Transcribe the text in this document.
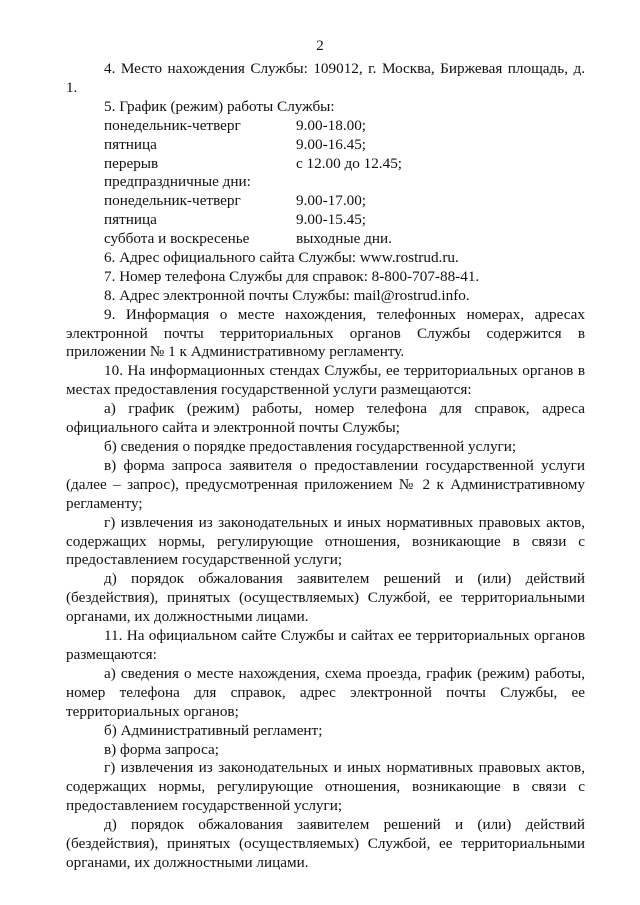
2

4. Место нахождения Службы: 109012, г. Москва, Биржевая площадь, д. 1.

5. График (режим) работы Службы:

понедельник-четверг	9.00-18.00;
пятница	9.00-16.45;
перерыв	с 12.00 до 12.45;
предпраздничные дни:
понедельник-четверг	9.00-17.00;
пятница	9.00-15.45;
суббота и воскресенье	выходные дни.

6. Адрес официального сайта Службы: www.rostrud.ru.

7. Номер телефона Службы для справок: 8-800-707-88-41.

8. Адрес электронной почты Службы: mail@rostrud.info.

9. Информация о месте нахождения, телефонных номерах, адресах электронной почты территориальных органов Службы содержится в приложении № 1 к Административному регламенту.

10. На информационных стендах Службы, ее территориальных органов в местах предоставления государственной услуги размещаются:

а) график (режим) работы, номер телефона для справок, адреса официального сайта и электронной почты Службы;

б) сведения о порядке предоставления государственной услуги;

в) форма запроса заявителя о предоставлении государственной услуги (далее – запрос), предусмотренная приложением № 2 к Административному регламенту;

г) извлечения из законодательных и иных нормативных правовых актов, содержащих нормы, регулирующие отношения, возникающие в связи с предоставлением государственной услуги;

д) порядок обжалования заявителем решений и (или) действий (бездействия), принятых (осуществляемых) Службой, ее территориальными органами, их должностными лицами.

11. На официальном сайте Службы и сайтах ее территориальных органов размещаются:

а) сведения о месте нахождения, схема проезда, график (режим) работы, номер телефона для справок, адрес электронной почты Службы, ее территориальных органов;

б) Административный регламент;

в) форма запроса;

г) извлечения из законодательных и иных нормативных правовых актов, содержащих нормы, регулирующие отношения, возникающие в связи с предоставлением государственной услуги;

д) порядок обжалования заявителем решений и (или) действий (бездействия), принятых (осуществляемых) Службой, ее территориальными органами, их должностными лицами.
